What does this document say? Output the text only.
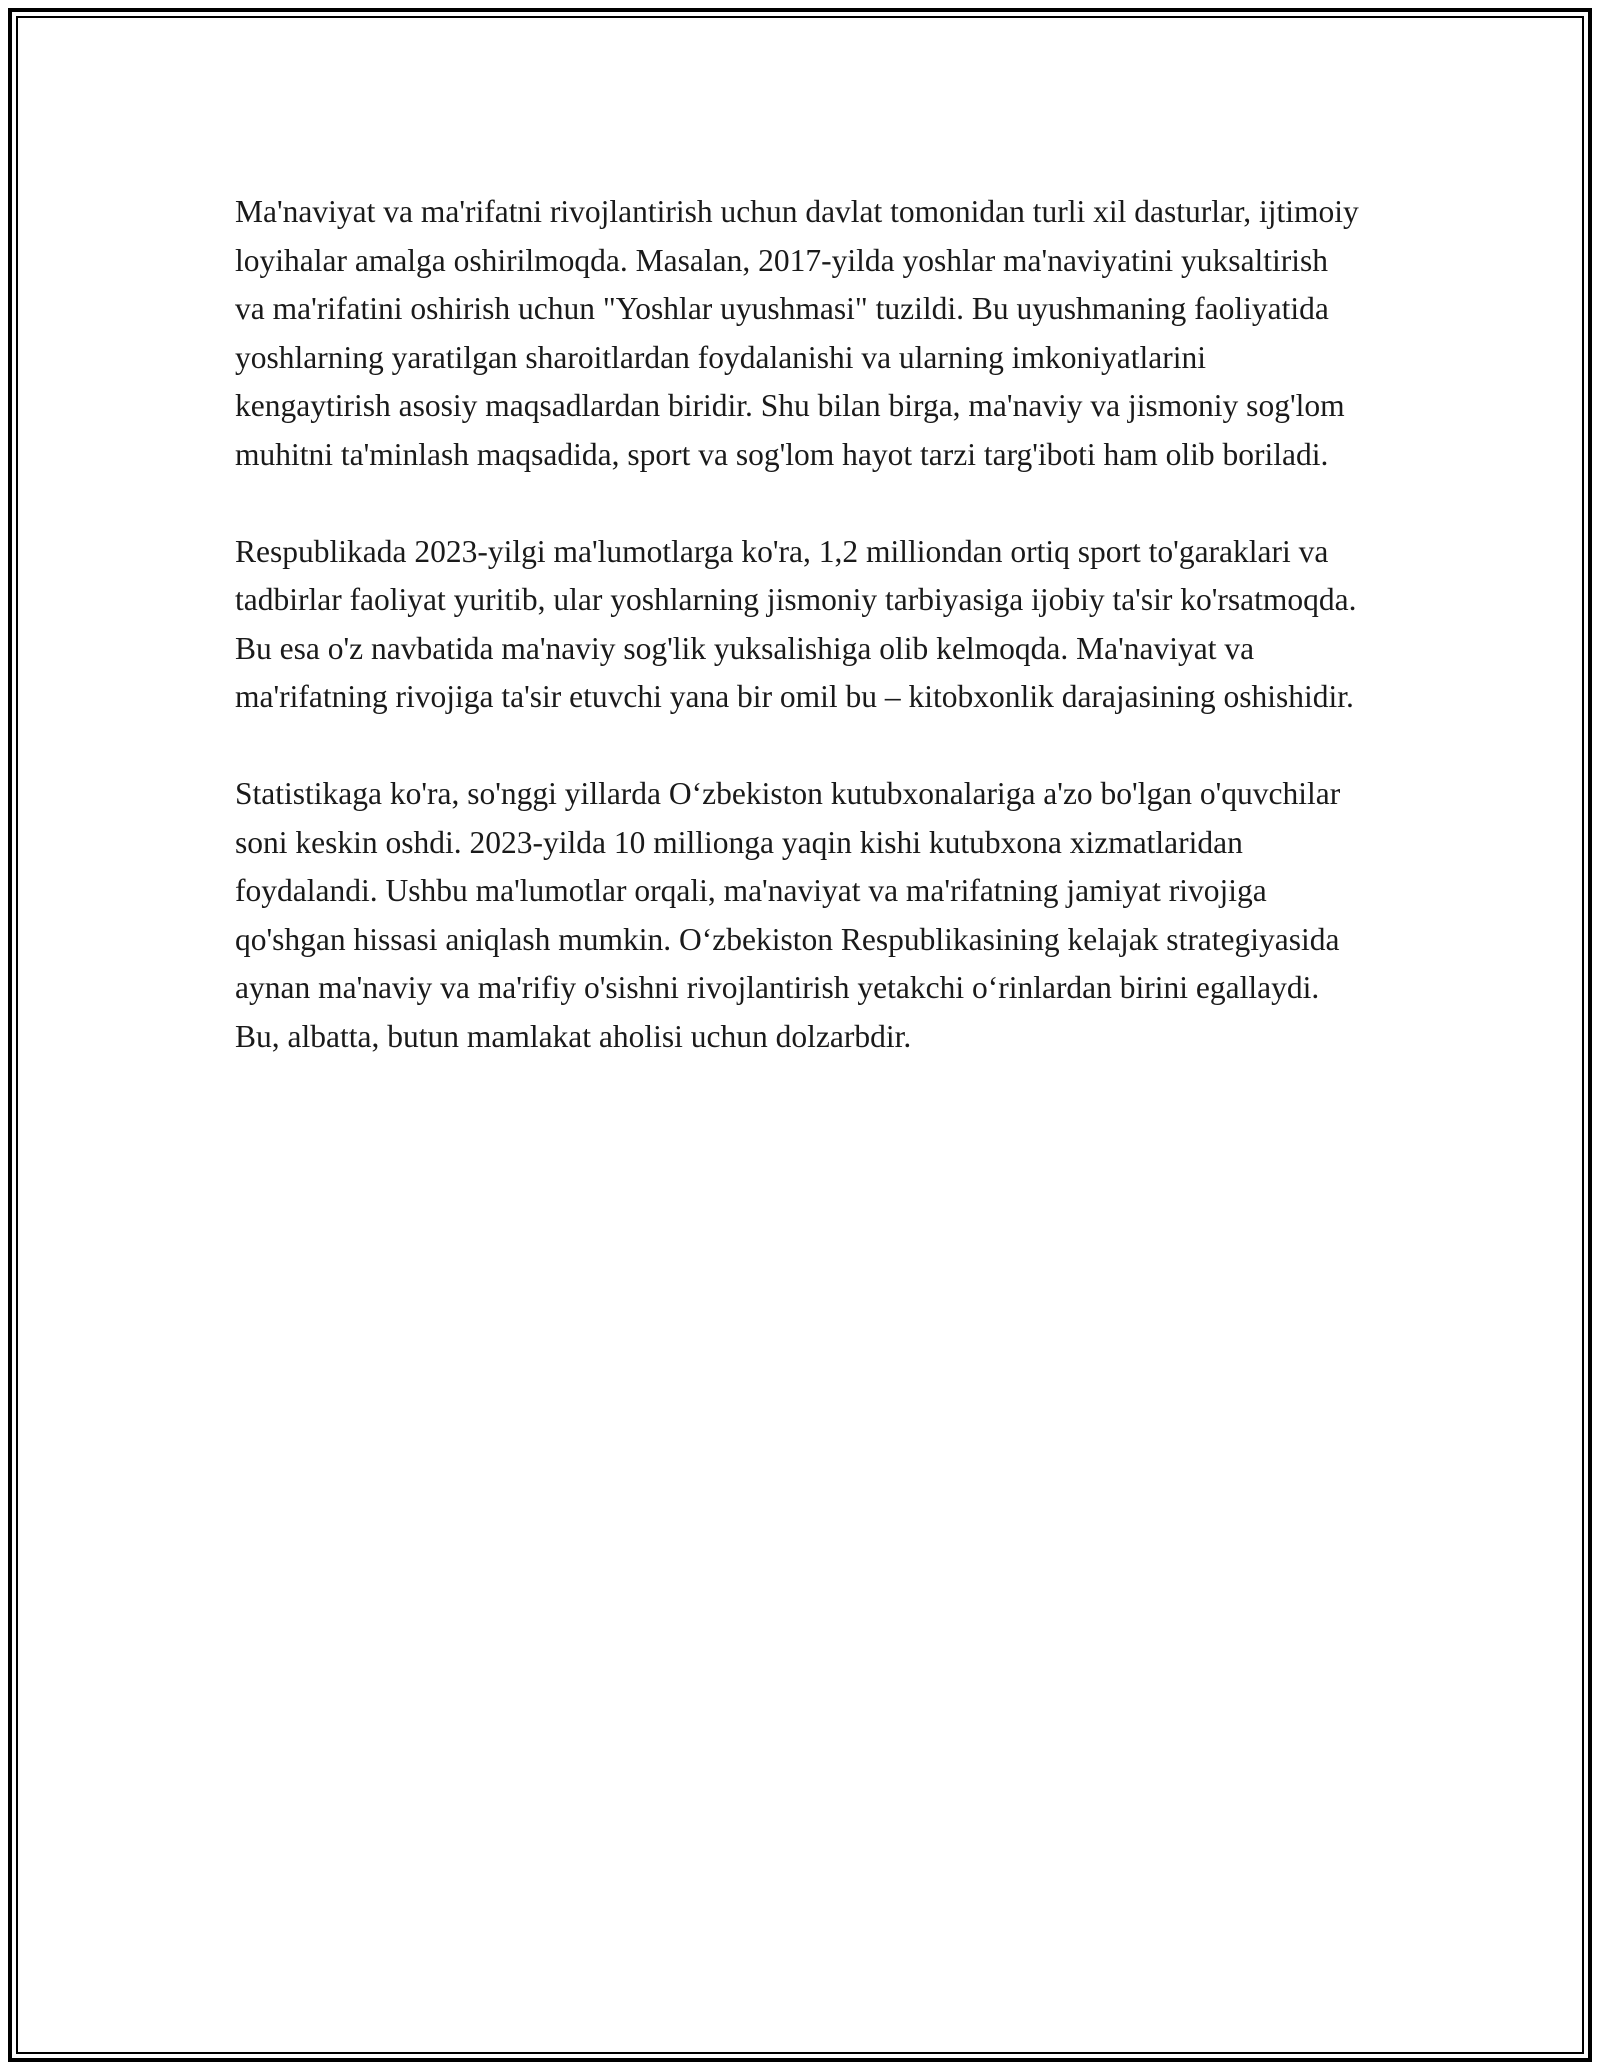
Ma'naviyat va ma'rifatni rivojlantirish uchun davlat tomonidan turli xil dasturlar, ijtimoiy loyihalar amalga oshirilmoqda. Masalan, 2017-yilda yoshlar ma'naviyatini yuksaltirish va ma'rifatini oshirish uchun "Yoshlar uyushmasi" tuzildi. Bu uyushmaning faoliyatida yoshlarning yaratilgan sharoitlardan foydalanishi va ularning imkoniyatlarini kengaytirish asosiy maqsadlardan biridir. Shu bilan birga, ma'naviy va jismoniy sog'lom muhitni ta'minlash maqsadida, sport va sog'lom hayot tarzi targ'iboti ham olib boriladi.

Respublikada 2023-yilgi ma'lumotlarga ko'ra, 1,2 milliondan ortiq sport to'garaklari va tadbirlar faoliyat yuritib, ular yoshlarning jismoniy tarbiyasiga ijobiy ta'sir ko'rsatmoqda. Bu esa o'z navbatida ma'naviy sog'lik yuksalishiga olib kelmoqda. Ma'naviyat va ma'rifatning rivojiga ta'sir etuvchi yana bir omil bu – kitobxonlik darajasining oshishidir.

Statistikaga ko'ra, so'nggi yillarda Oʻzbekiston kutubxonalariga a'zo bo'lgan o'quvchilar soni keskin oshdi. 2023-yilda 10 millionga yaqin kishi kutubxona xizmatlaridan foydalandi. Ushbu ma'lumotlar orqali, ma'naviyat va ma'rifatning jamiyat rivojiga qo'shgan hissasi aniqlash mumkin. Oʻzbekiston Respublikasining kelajak strategiyasida aynan ma'naviy va ma'rifiy o'sishni rivojlantirish yetakchi oʻrinlardan birini egallaydi. Bu, albatta, butun mamlakat aholisi uchun dolzarbdir.
